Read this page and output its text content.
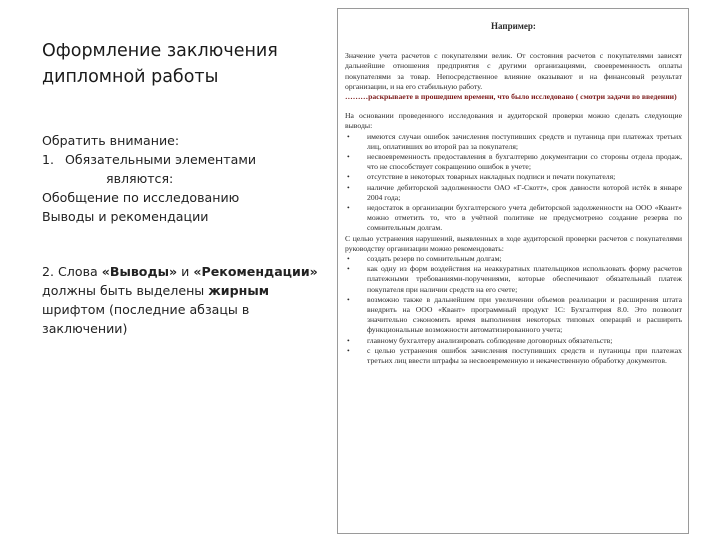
Оформление заключения дипломной работы

Обратить внимание:

1. Обязательными элементами

являются:

Обобщение по исследованию

Выводы и рекомендации

2. Слова «Выводы» и «Рекомендации» должны быть выделены жирным шрифтом (последние абзацы в заключении)

Например:

Значение учета расчетов с покупателями велик. От состояния расчетов с покупателями зависят дальнейшие отношения предприятия с другими организациями, своевременность оплаты покупателями за товар. Непосредственное влияние оказывают и на финансовый результат организации, и на его стабильную работу.

………раскрываете в прошедшем времени, что было исследовано ( смотри задачи во введении)

На основании проведенного исследования и аудиторской проверки можно сделать следующие выводы:

•	имеются случаи ошибок зачисления поступивших средств и путаница при платежах третьих лиц, оплативших во второй раз за покупателя;
•	несвоевременность предоставления в бухгалтерию документации со стороны отдела продаж, что не способствует сокращению ошибок в учете;
•	отсутствие в некоторых товарных накладных подписи и печати покупателя;
•	наличие дебиторской задолженности ОАО «Г-Скотт», срок давности которой истёк в январе 2004 года;
•	недостаток в организации бухгалтерского учета дебиторской задолженности на ООО «Квант» можно отметить то, что в учётной политике не предусмотрено создание резерва по сомнительным долгам.

С целью устранения нарушений, выявленных в ходе аудиторской проверки расчетов с покупателями руководству организации можно рекомендовать:

•	создать резерв по сомнительным долгам;
•	как одну из форм воздействия на неаккуратных плательщиков использовать форму расчетов платежными требованиями-поручениями, которые обеспечивают обязательный платеж покупателя при наличии средств на его счете;
•	возможно также в дальнейшем при увеличении объемов реализации и расширения штата внедрить на ООО «Квант» программный продукт 1С: Бухгалтерия 8.0. Это позволит значительно сэкономить время выполнения некоторых типовых операций и расширить функциональные возможности автоматизированного учета;
•	главному бухгалтеру анализировать соблюдение договорных обязательств;
•	с целью устранения ошибок зачисления поступивших средств и путаницы при платежах третьих лиц ввести штрафы за несвоевременную и некачественную обработку документов.
